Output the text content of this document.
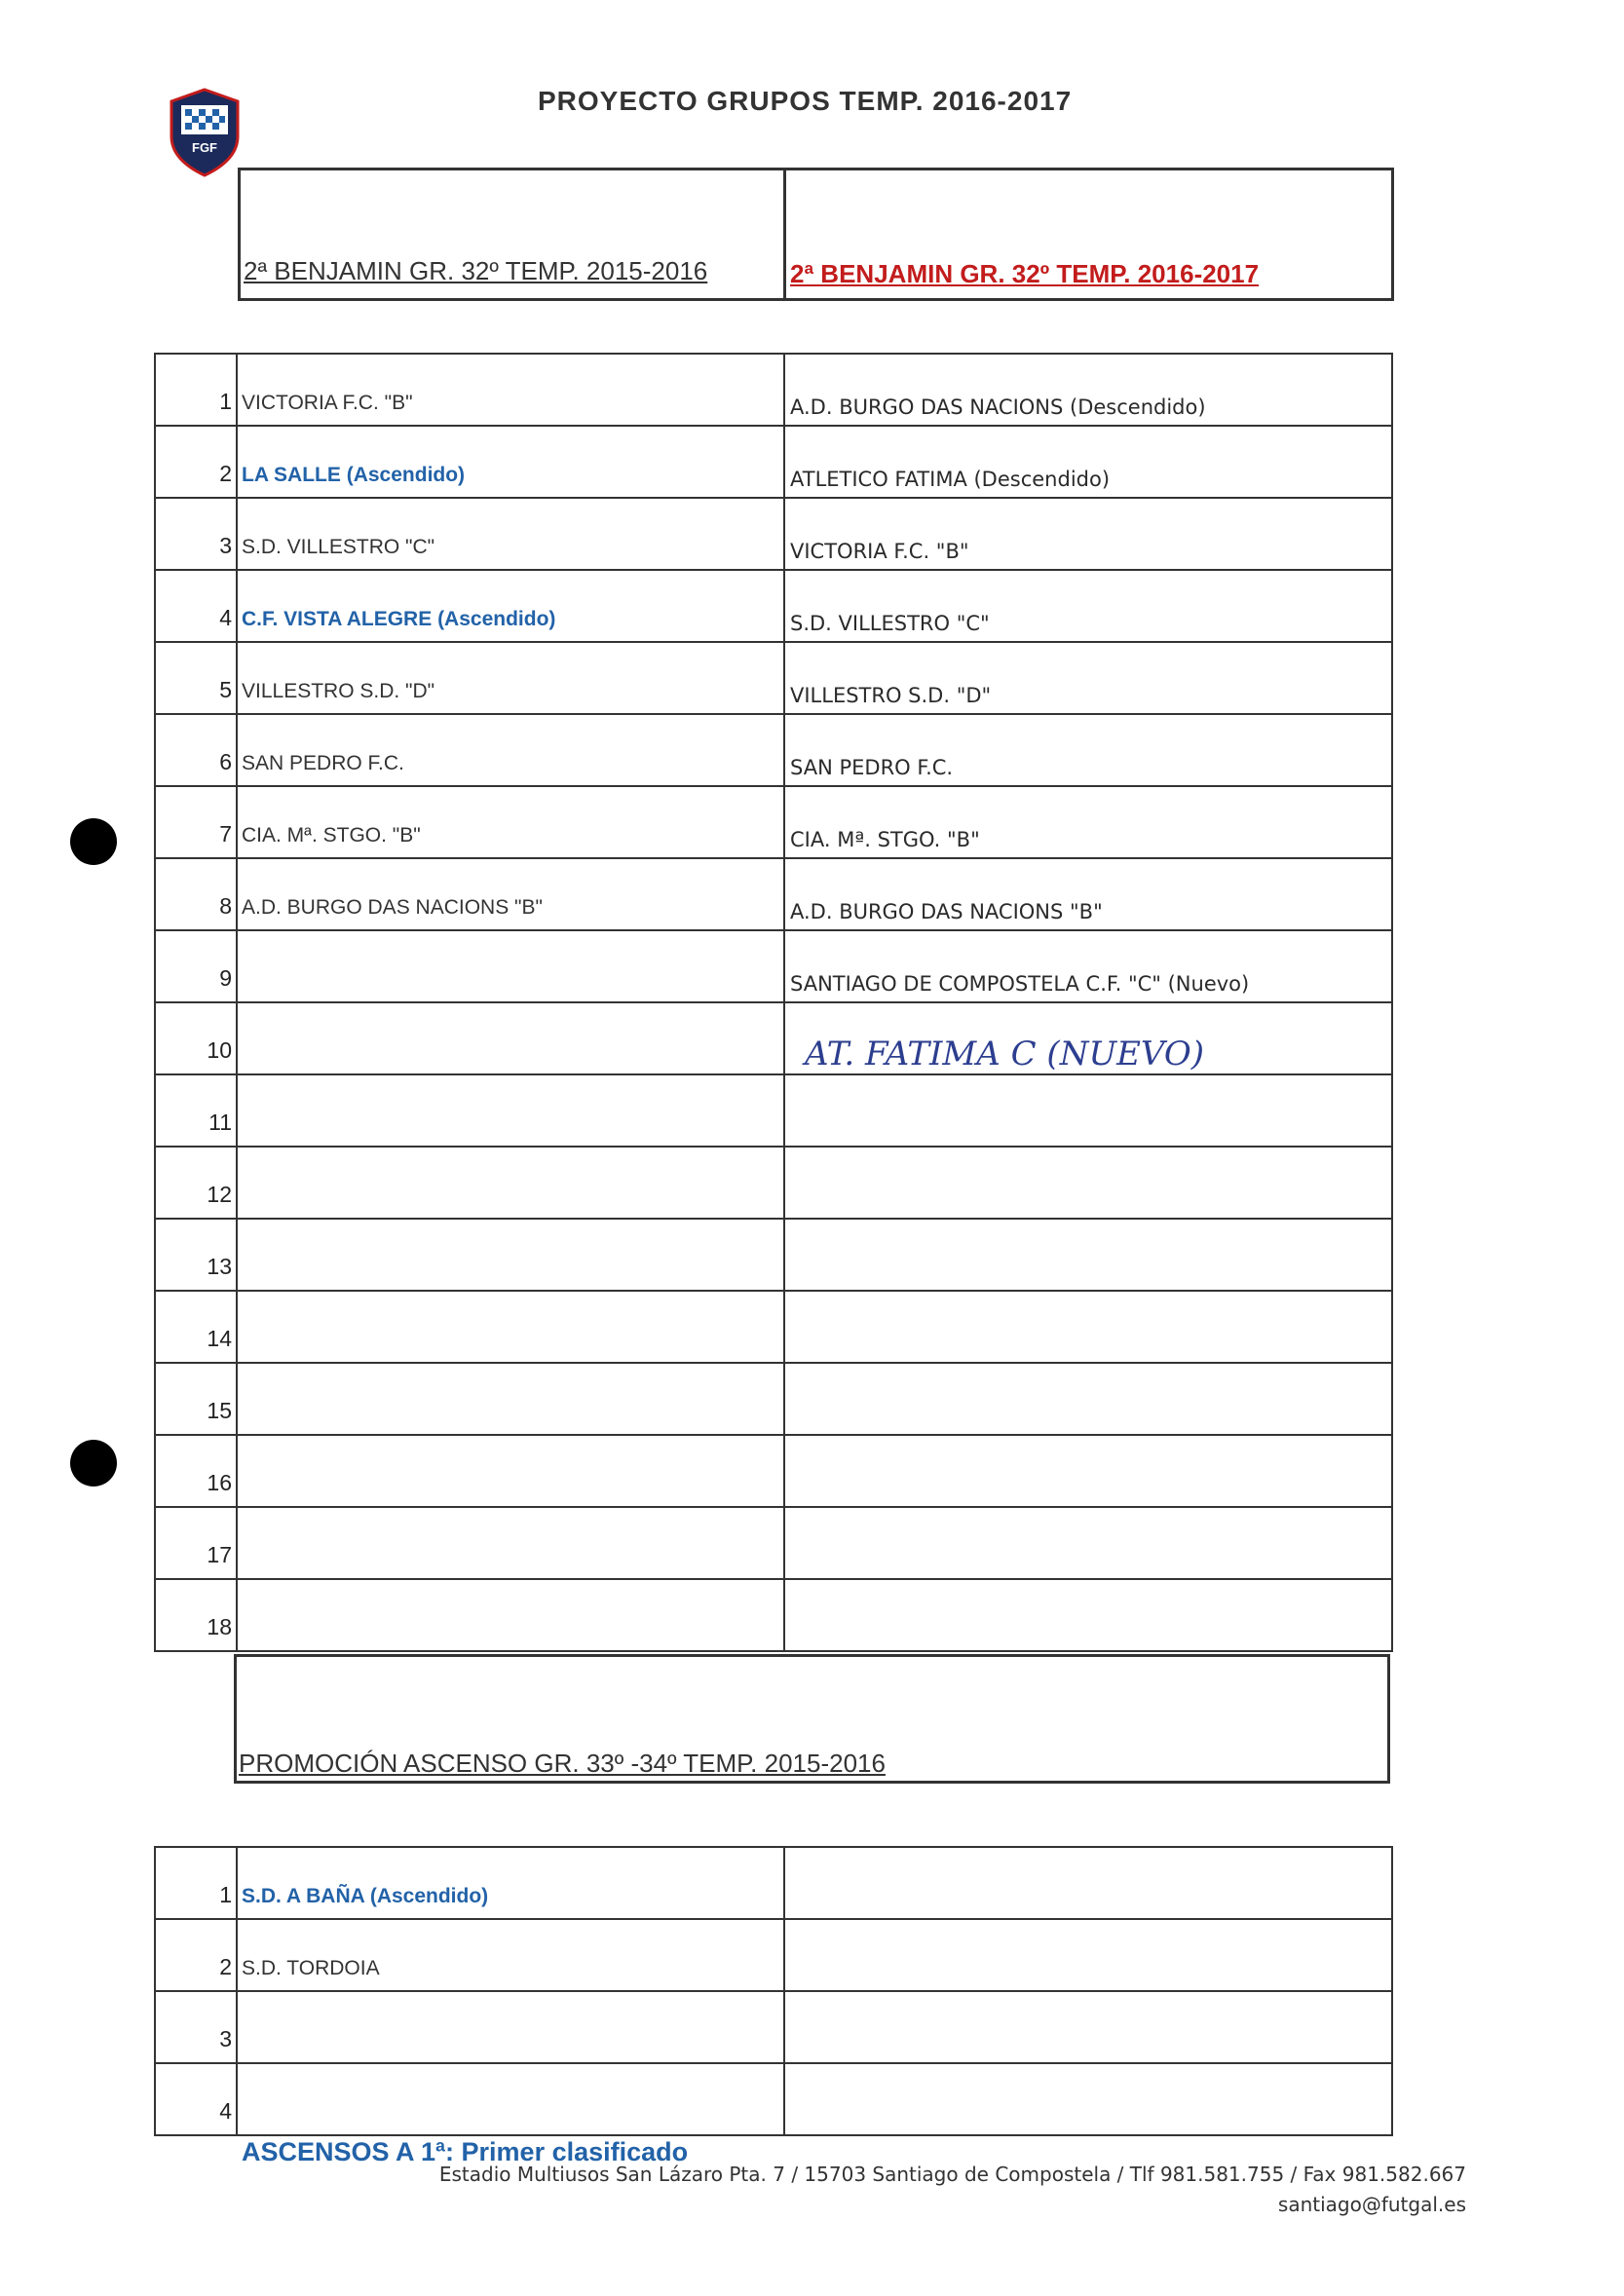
FGF
PROYECTO GRUPOS TEMP. 2016-2017
2ª BENJAMIN GR. 32º TEMP. 2015-2016	2ª BENJAMIN GR. 32º TEMP. 2016-2017
1	VICTORIA F.C. "B"	A.D. BURGO DAS NACIONS (Descendido)
2	LA SALLE (Ascendido)	ATLETICO FATIMA (Descendido)
3	S.D. VILLESTRO "C"	VICTORIA F.C. "B"
4	C.F. VISTA ALEGRE (Ascendido)	S.D. VILLESTRO "C"
5	VILLESTRO S.D. "D"	VILLESTRO S.D. "D"
6	SAN PEDRO F.C.	SAN PEDRO F.C.
7	CIA. Mª. STGO. "B"	CIA. Mª. STGO. "B"
8	A.D. BURGO DAS NACIONS "B"	A.D. BURGO DAS NACIONS "B"
9		SANTIAGO DE COMPOSTELA C.F. "C" (Nuevo)
10		AT. FATIMA C (NUEVO)
11		
12		
13		
14		
15		
16		
17		
18		
PROMOCIÓN ASCENSO GR. 33º -34º TEMP. 2015-2016
1	S.D. A BAÑA (Ascendido)	
2	S.D. TORDOIA	
3		
4		
ASCENSOS A 1ª: Primer clasificado
Estadio Multiusos San Lázaro Pta. 7 / 15703 Santiago de Compostela / Tlf 981.581.755 / Fax 981.582.667
santiago@futgal.es
